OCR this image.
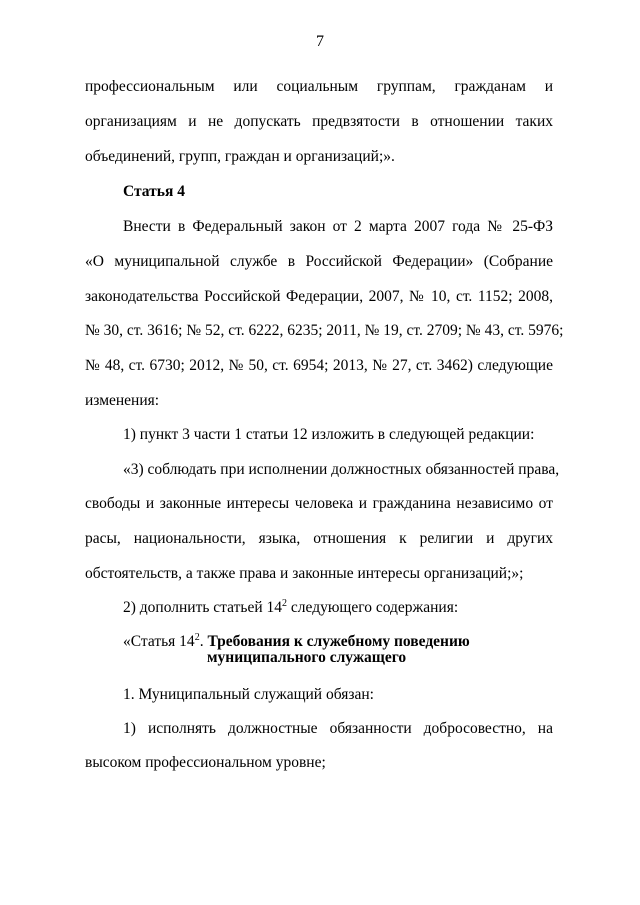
7
профессиональным или социальным группам, гражданам и
организациям и не допускать предвзятости в отношении таких
объединений, групп, граждан и организаций;».
Статья 4
Внести в Федеральный закон от 2 марта 2007 года № 25-ФЗ
«О муниципальной службе в Российской Федерации» (Собрание
законодательства Российской Федерации, 2007, № 10, ст. 1152; 2008,
№ 30, ст. 3616; № 52, ст. 6222, 6235; 2011, № 19, ст. 2709; № 43, ст. 5976;
№ 48, ст. 6730; 2012, № 50, ст. 6954; 2013, № 27, ст. 3462) следующие
изменения:
1) пункт 3 части 1 статьи 12 изложить в следующей редакции:
«3) соблюдать при исполнении должностных обязанностей права,
свободы и законные интересы человека и гражданина независимо от
расы, национальности, языка, отношения к религии и других
обстоятельств, а также права и законные интересы организаций;»;
2) дополнить статьей $14^2$ следующего содержания:
«Статья $14^2$. Требования к служебному поведению
муниципального служащего
1. Муниципальный служащий обязан:
1) исполнять должностные обязанности добросовестно, на
высоком профессиональном уровне;
